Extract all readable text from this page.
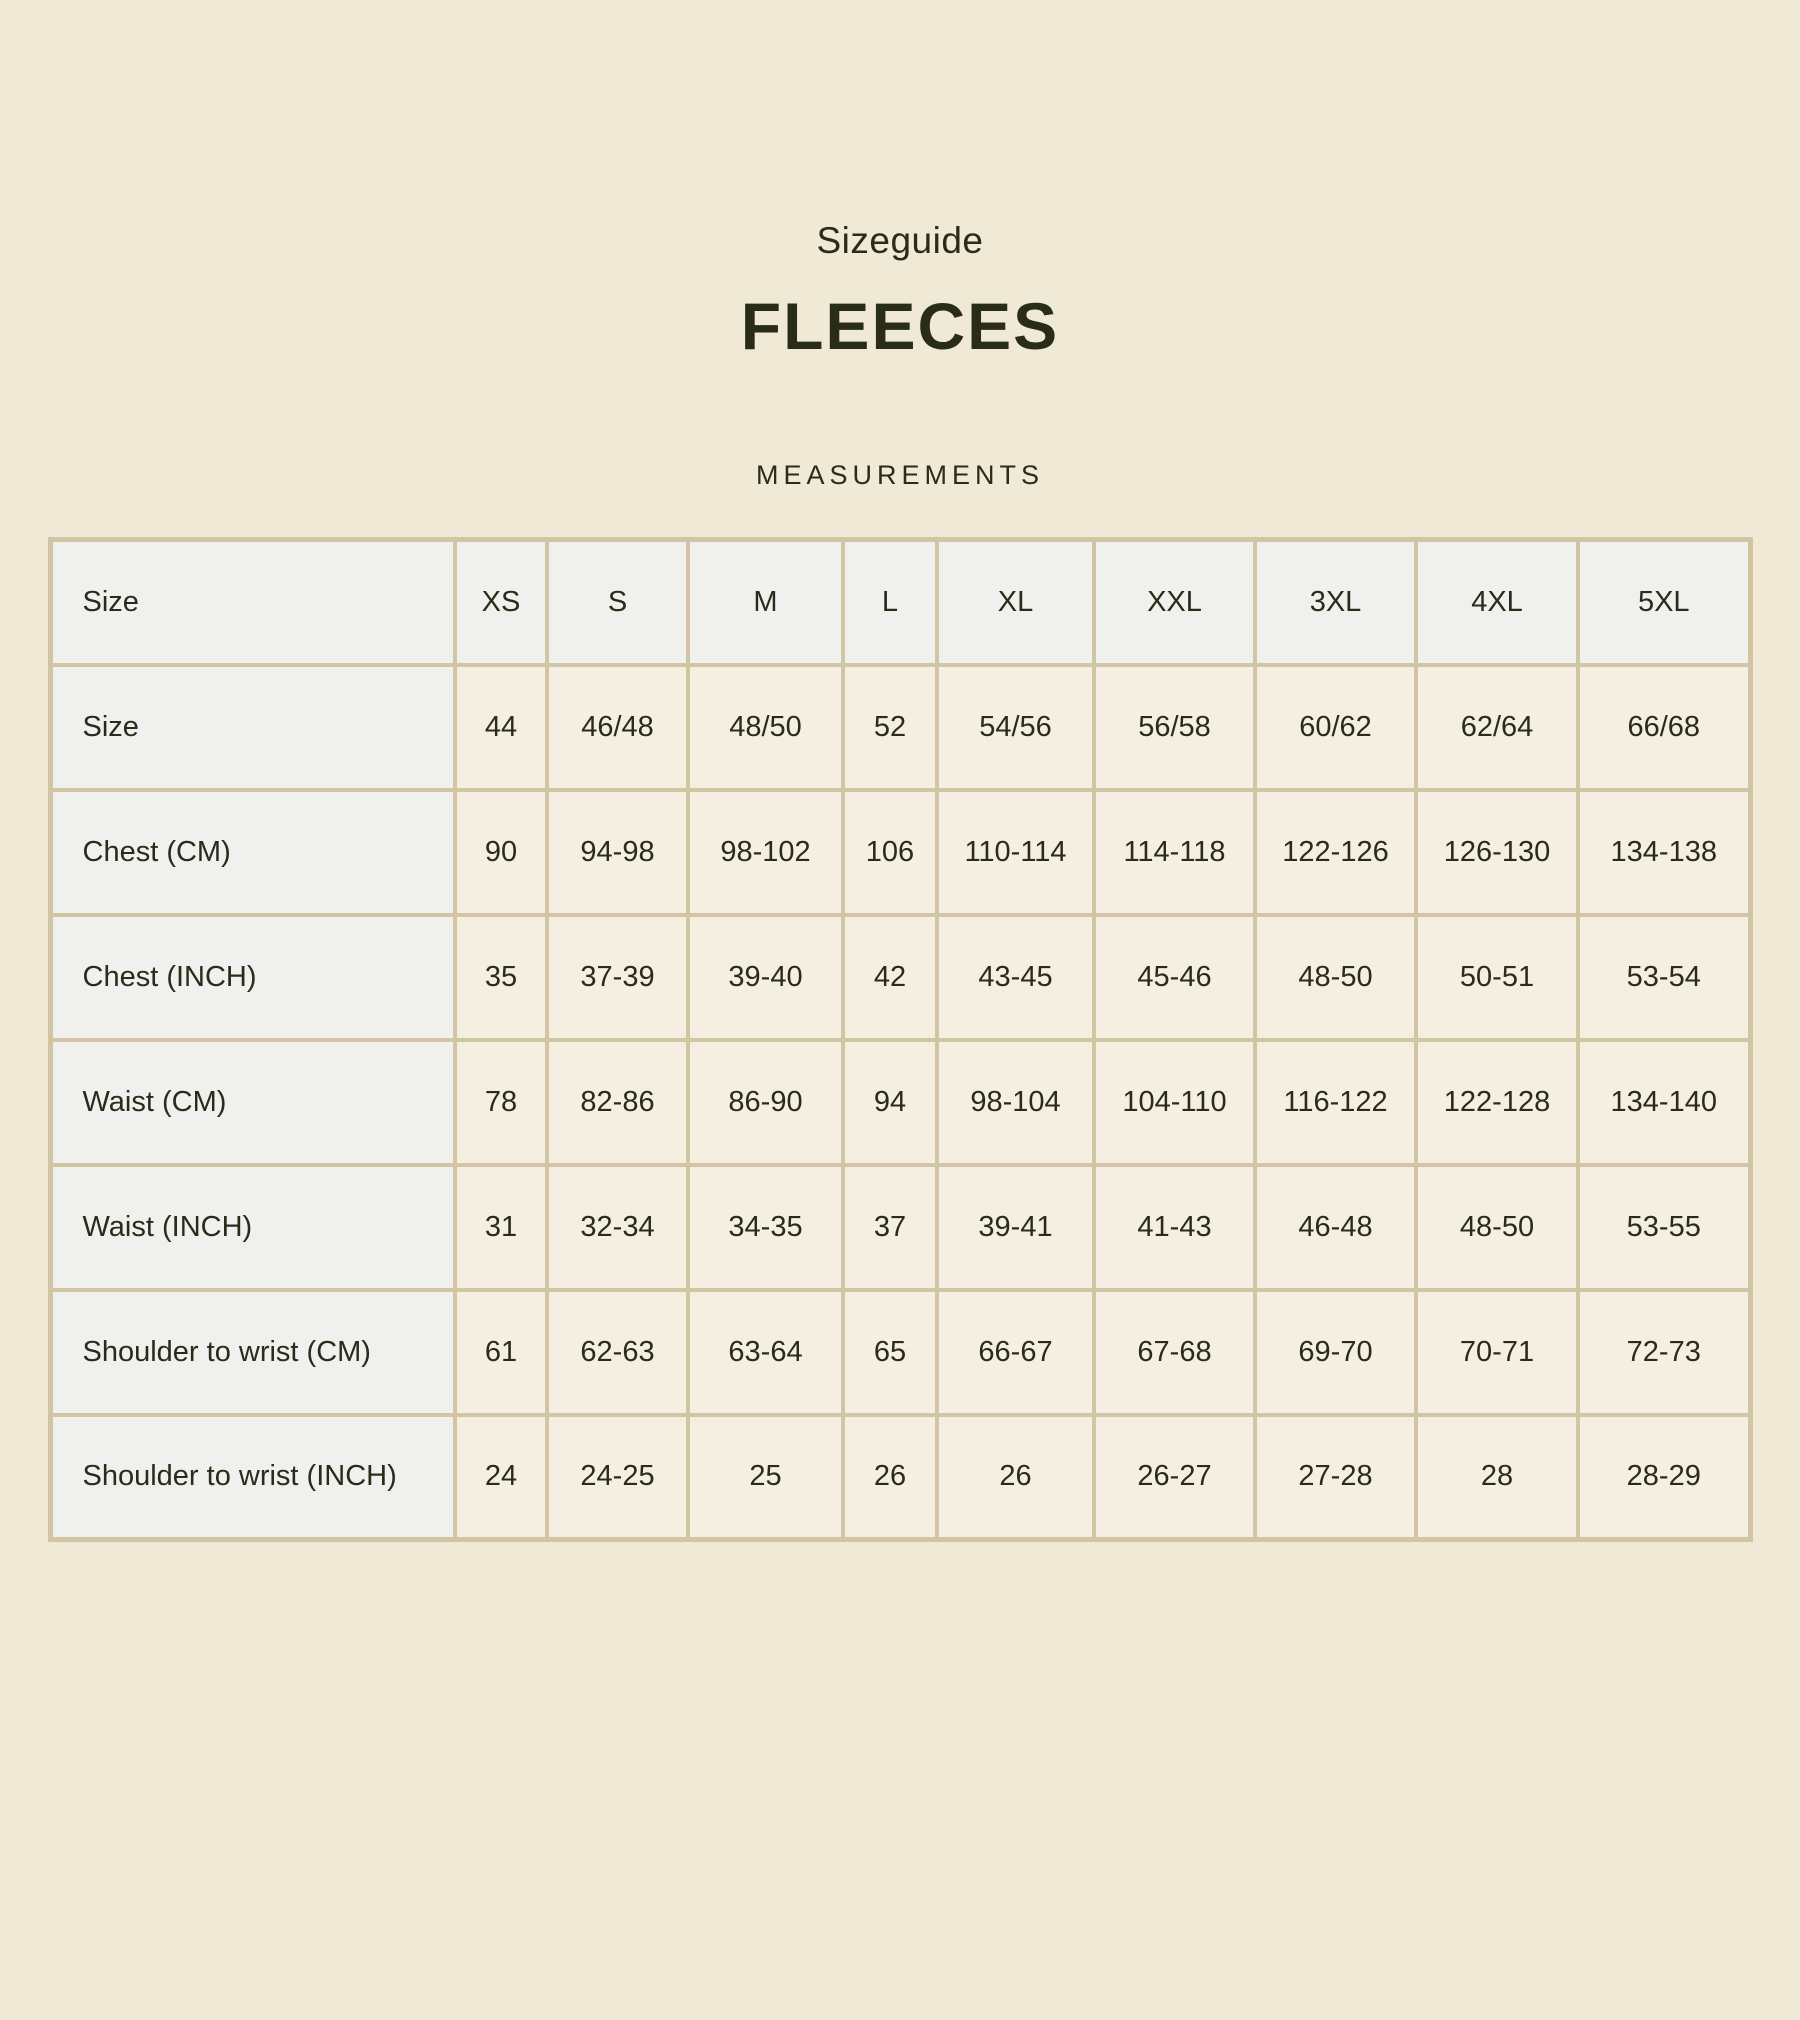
Sizeguide
FLEECES
MEASUREMENTS
Size	XS	S	M	L	XL	XXL	3XL	4XL	5XL
Size	44	46/48	48/50	52	54/56	56/58	60/62	62/64	66/68
Chest (CM)	90	94-98	98-102	106	110-114	114-118	122-126	126-130	134-138
Chest (INCH)	35	37-39	39-40	42	43-45	45-46	48-50	50-51	53-54
Waist (CM)	78	82-86	86-90	94	98-104	104-110	116-122	122-128	134-140
Waist (INCH)	31	32-34	34-35	37	39-41	41-43	46-48	48-50	53-55
Shoulder to wrist (CM)	61	62-63	63-64	65	66-67	67-68	69-70	70-71	72-73
Shoulder to wrist (INCH)	24	24-25	25	26	26	26-27	27-28	28	28-29
